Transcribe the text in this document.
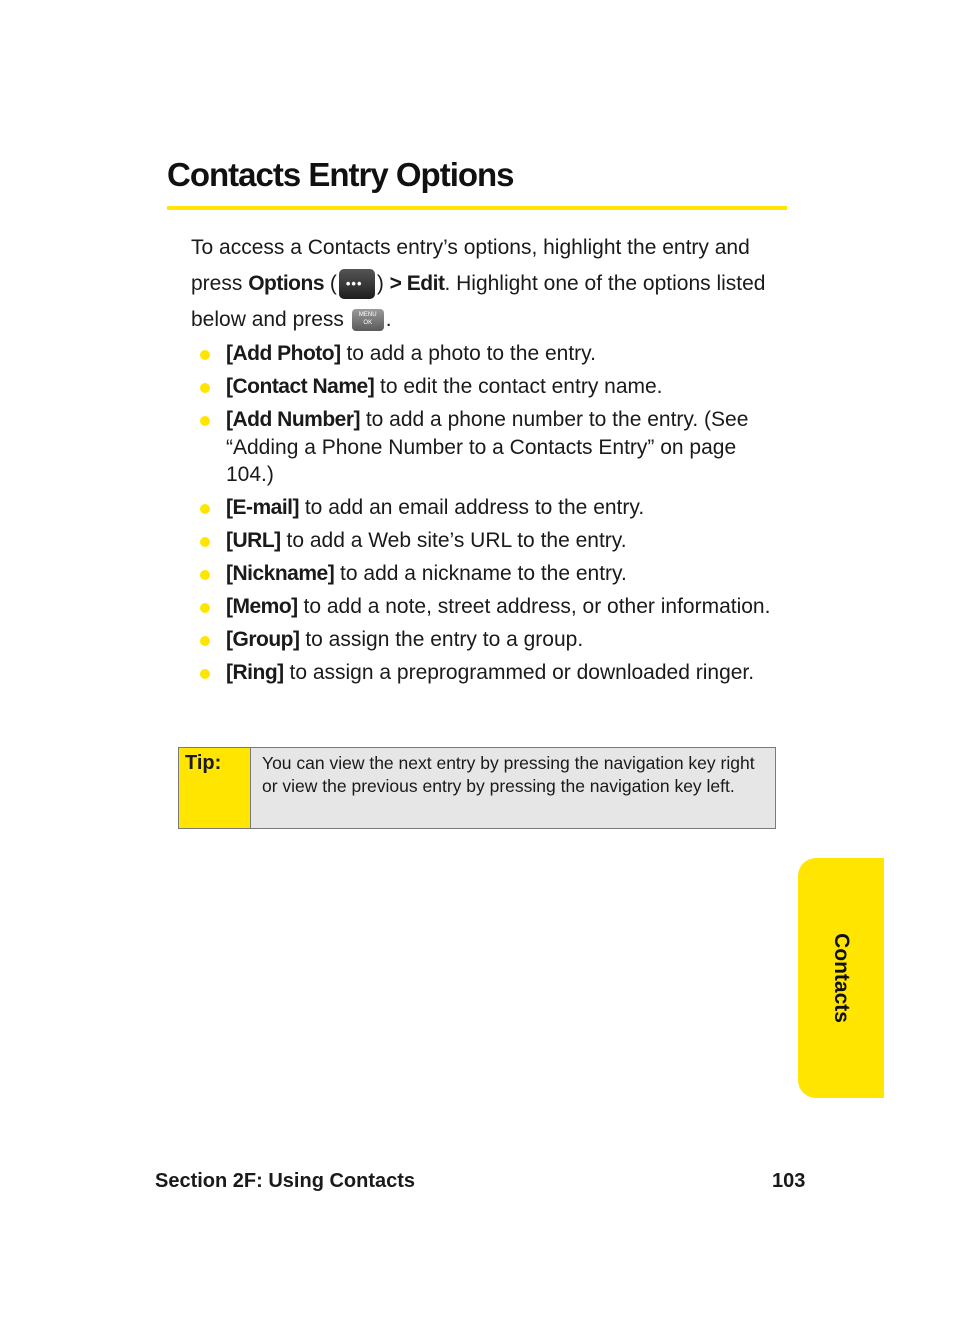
Contacts Entry Options
To access a Contacts entry’s options, highlight the entry and
press Options ( ••• ) > Edit. Highlight one of the options listed
below and press	MENU
OK .
[Add Photo] to add a photo to the entry.
[Contact Name] to edit the contact entry name.
[Add Number] to add a phone number to the entry. (See “Adding a Phone Number to a Contacts Entry” on page 104.)
[E-mail] to add an email address to the entry.
[URL] to add a Web site’s URL to the entry.
[Nickname] to add a nickname to the entry.
[Memo] to add a note, street address, or other information.
[Group] to assign the entry to a group.
[Ring] to assign a preprogrammed or downloaded ringer.
Tip:	You can view the next entry by pressing the navigation key right or view the previous entry by pressing the navigation key left.
Contacts
Section 2F: Using Contacts	103
